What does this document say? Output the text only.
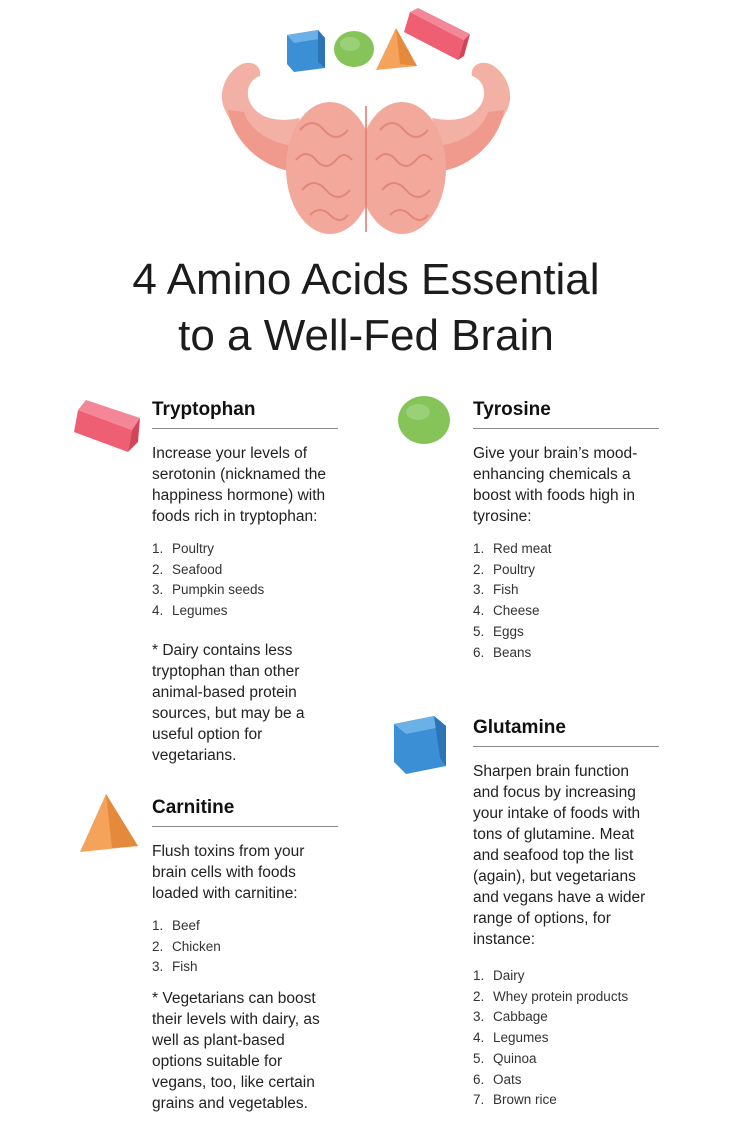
4 Amino Acids Essential
to a Well-Fed Brain
Tryptophan
Increase your levels of serotonin (nicknamed the happiness hormone) with foods rich in tryptophan:
1. Poultry
2. Seafood
3. Pumpkin seeds
4. Legumes
* Dairy contains less tryptophan than other animal-based protein sources, but may be a useful option for vegetarians.
Tyrosine
Give your brain’s mood-enhancing chemicals a boost with foods high in tyrosine:
1. Red meat
2. Poultry
3. Fish
4. Cheese
5. Eggs
6. Beans
Carnitine
Flush toxins from your brain cells with foods loaded with carnitine:
1. Beef
2. Chicken
3. Fish
* Vegetarians can boost their levels with dairy, as well as plant-based options suitable for vegans, too, like certain grains and vegetables.
Glutamine
Sharpen brain function and focus by increasing your intake of foods with tons of glutamine. Meat and seafood top the list (again), but vegetarians and vegans have a wider range of options, for instance:
1. Dairy
2. Whey protein products
3. Cabbage
4. Legumes
5. Quinoa
6. Oats
7. Brown rice
